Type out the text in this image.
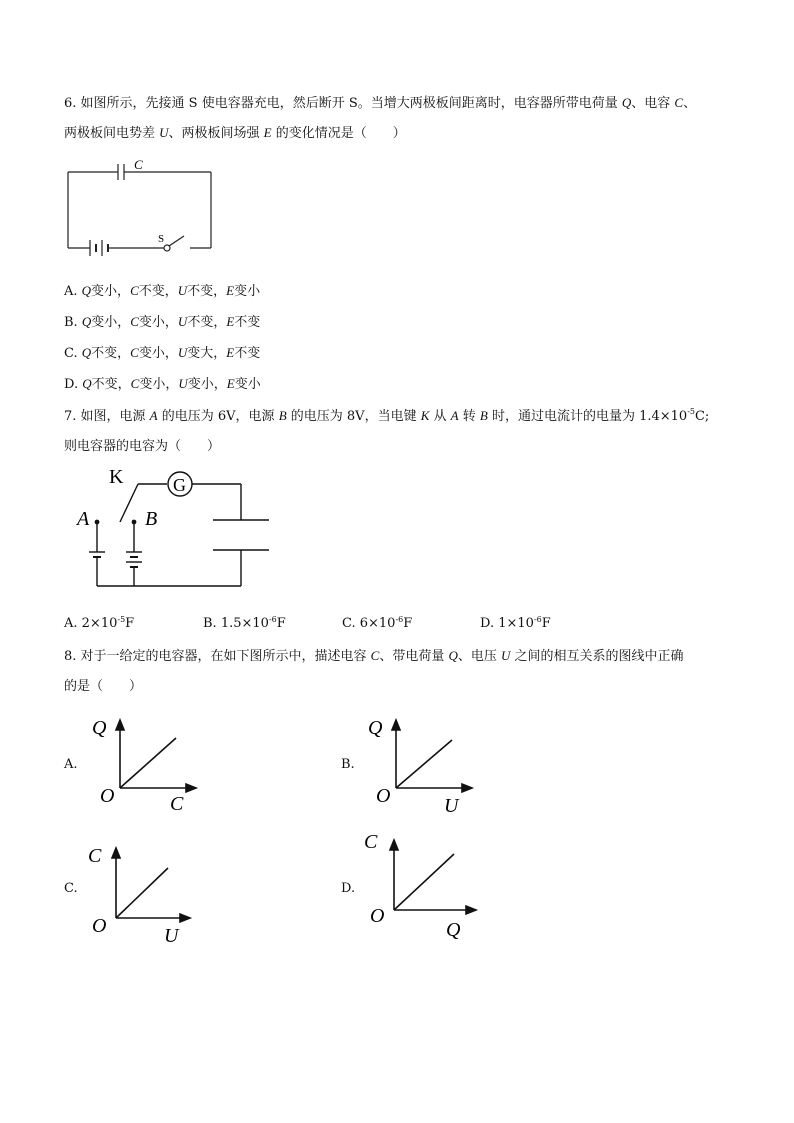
6. 如图所示，先接通 S 使电容器充电，然后断开 S。当增大两极板间距离时，电容器所带电荷量 Q、电容 C、
两极板间电势差 U、两极板间场强 E 的变化情况是（　　）
C
S
A. Q变小，C不变，U不变，E变小
B. Q变小，C变小，U不变，E不变
C. Q不变，C变小，U变大，E不变
D. Q不变，C变小，U变小，E变小
7. 如图，电源 A 的电压为 6V，电源 B 的电压为 8V，当电键 K 从 A 转 B 时，通过电流计的电量为 $1.4\times 10^{-5}C$;
则电容器的电容为（　　）
K	G
A	B
A. $2\times 10^{-5}F$	B. $1.5\times 10^{-6}F$	C. $6\times 10^{-6}F$	D. $1\times 10^{-6}F$
8. 对于一给定的电容器，在如下图所示中，描述电容 C、带电荷量 Q、电压 U 之间的相互关系的图线中正确
的是（　　）
A.
Q
C
O
B.
Q
U
O
C.
C
U
O
D.
C
Q
O
